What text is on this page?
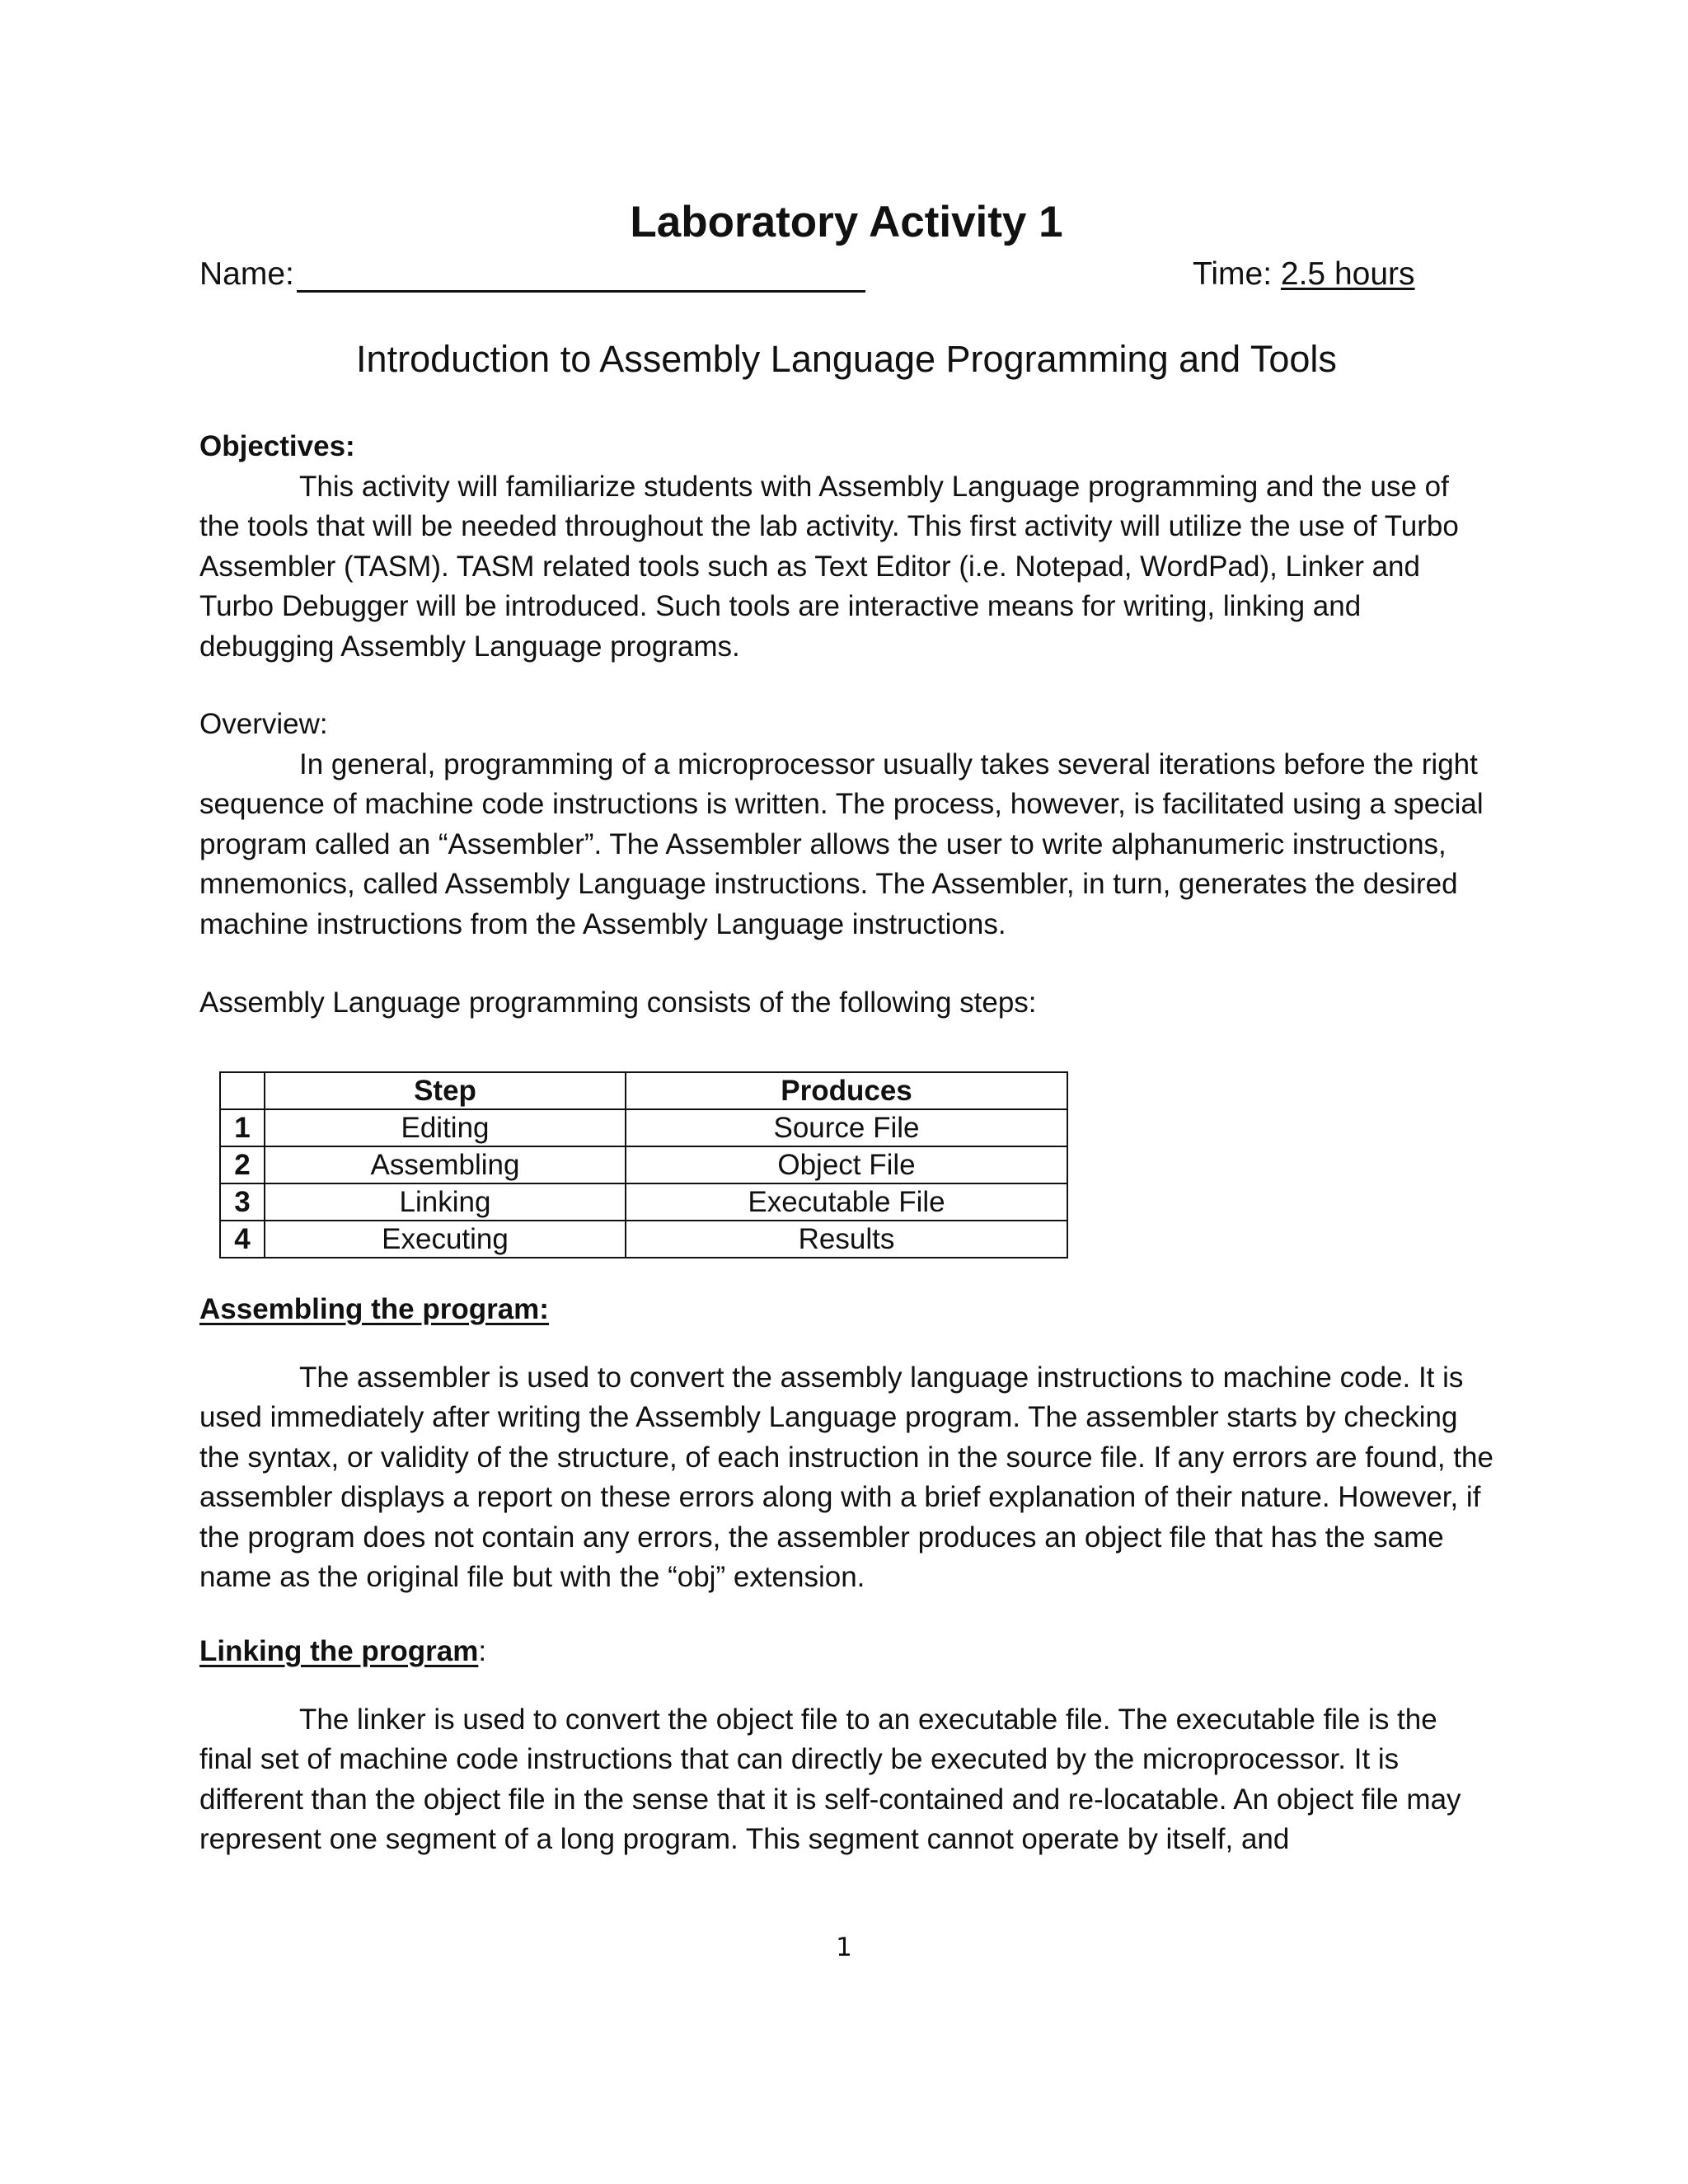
Laboratory Activity 1
Name:	Time: 2.5 hours
Introduction to Assembly Language Programming and Tools
Objectives:

This activity will familiarize students with Assembly Language programming and the use of the tools that will be needed throughout the lab activity. This first activity will utilize the use of Turbo Assembler (TASM). TASM related tools such as Text Editor (i.e. Notepad, WordPad), Linker and Turbo Debugger will be introduced. Such tools are interactive means for writing, linking and debugging Assembly Language programs.

Overview:

In general, programming of a microprocessor usually takes several iterations before the right sequence of machine code instructions is written. The process, however, is facilitated using a special program called an “Assembler”. The Assembler allows the user to write alphanumeric instructions, mnemonics, called Assembly Language instructions. The Assembler, in turn, generates the desired machine instructions from the Assembly Language instructions.

Assembly Language programming consists of the following steps:
	Step	Produces
1	Editing	Source File
2	Assembling	Object File
3	Linking	Executable File
4	Executing	Results
Assembling the program:

The assembler is used to convert the assembly language instructions to machine code. It is used immediately after writing the Assembly Language program. The assembler starts by checking the syntax, or validity of the structure, of each instruction in the source file. If any errors are found, the assembler displays a report on these errors along with a brief explanation of their nature. However, if the program does not contain any errors, the assembler produces an object file that has the same name as the original file but with the “obj” extension.

Linking the program:

The linker is used to convert the object file to an executable file. The executable file is the final set of machine code instructions that can directly be executed by the microprocessor. It is different than the object file in the sense that it is self-contained and re-locatable. An object file may represent one segment of a long program. This segment cannot operate by itself, and

1
